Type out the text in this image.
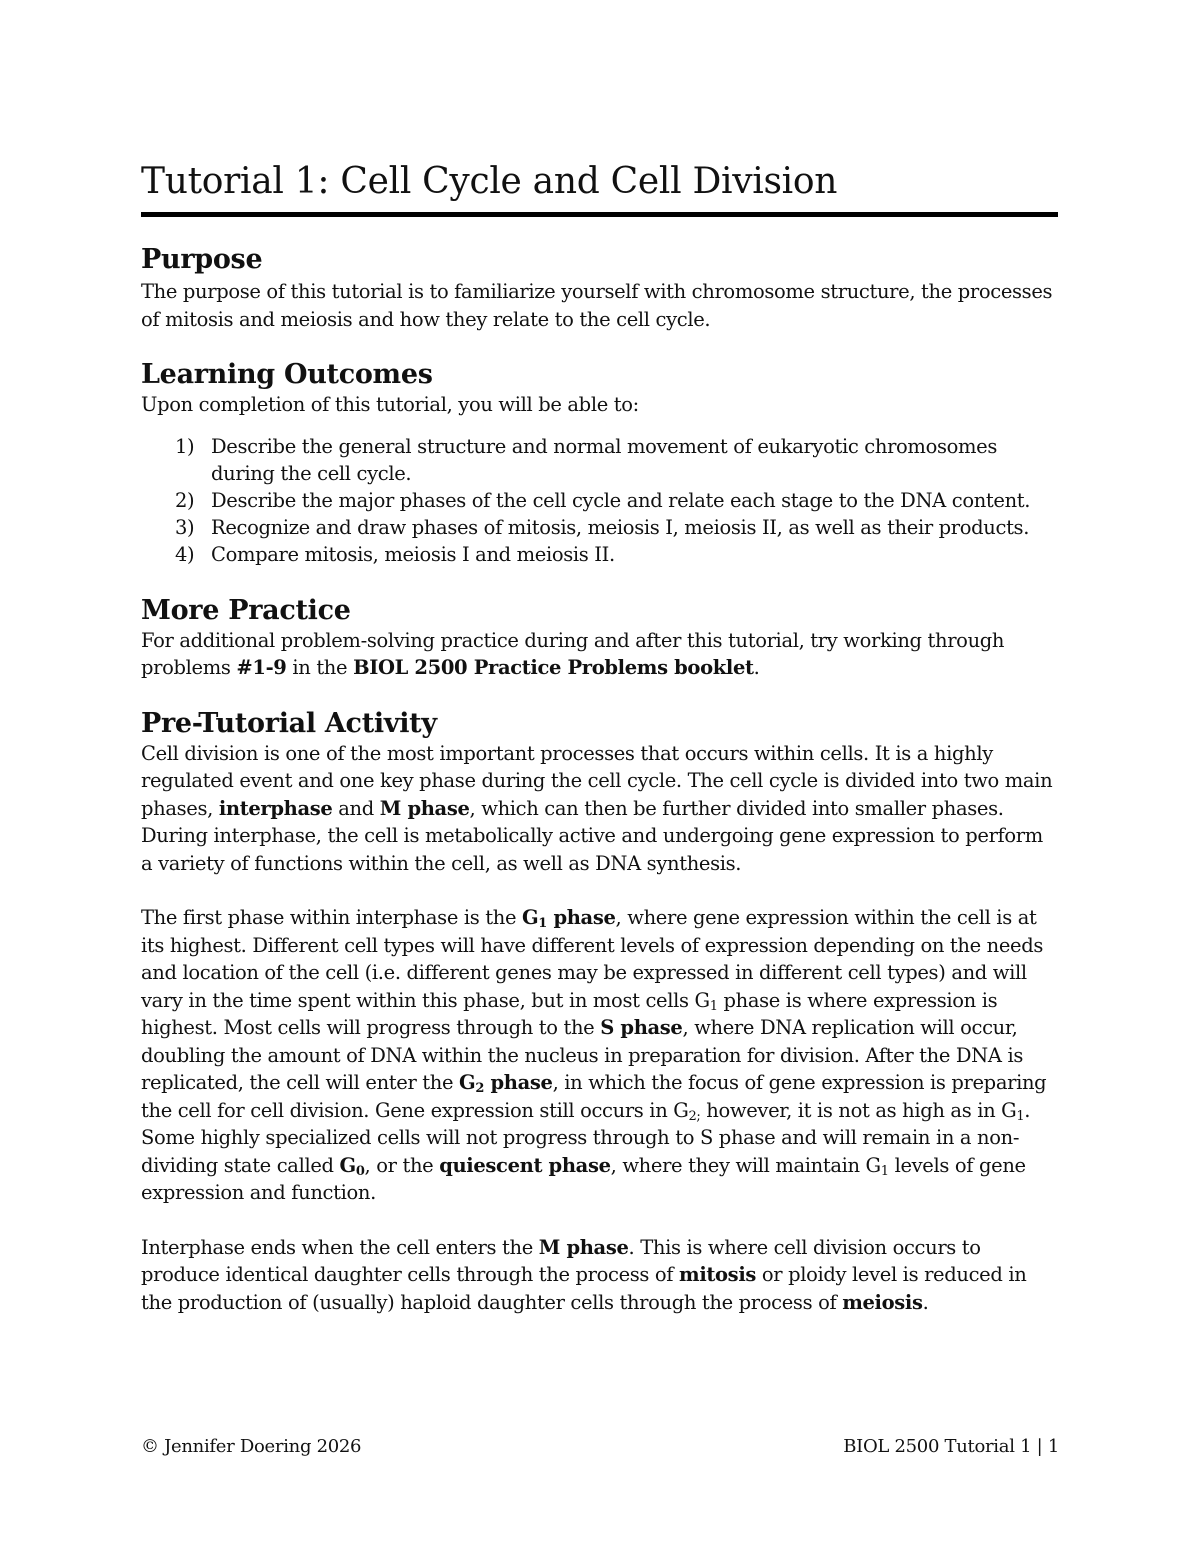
Tutorial 1: Cell Cycle and Cell Division
Purpose

The purpose of this tutorial is to familiarize yourself with chromosome structure, the processes of mitosis and meiosis and how they relate to the cell cycle.

Learning Outcomes

Upon completion of this tutorial, you will be able to:

1) Describe the general structure and normal movement of eukaryotic chromosomes during the cell cycle.
2) Describe the major phases of the cell cycle and relate each stage to the DNA content.
3) Recognize and draw phases of mitosis, meiosis I, meiosis II, as well as their products.
4) Compare mitosis, meiosis I and meiosis II.
More Practice

For additional problem-solving practice during and after this tutorial, try working through problems #1-9 in the BIOL 2500 Practice Problems booklet.

Pre-Tutorial Activity

Cell division is one of the most important processes that occurs within cells. It is a highly regulated event and one key phase during the cell cycle. The cell cycle is divided into two main phases, interphase and M phase, which can then be further divided into smaller phases. During interphase, the cell is metabolically active and undergoing gene expression to perform a variety of functions within the cell, as well as DNA synthesis.

The first phase within interphase is the $G_1$ phase, where gene expression within the cell is at its highest. Different cell types will have different levels of expression depending on the needs and location of the cell (i.e. different genes may be expressed in different cell types) and will vary in the time spent within this phase, but in most cells $G_1$ phase is where expression is highest. Most cells will progress through to the S phase, where DNA replication will occur, doubling the amount of DNA within the nucleus in preparation for division. After the DNA is replicated, the cell will enter the $G_2$ phase, in which the focus of gene expression is preparing the cell for cell division. Gene expression still occurs in $G_{2;}$ however, it is not as high as in $G_1$. Some highly specialized cells will not progress through to S phase and will remain in a non-dividing state called $G_0$, or the quiescent phase, where they will maintain $G_1$ levels of gene expression and function.

Interphase ends when the cell enters the M phase. This is where cell division occurs to produce identical daughter cells through the process of mitosis or ploidy level is reduced in the production of (usually) haploid daughter cells through the process of meiosis.

© Jennifer Doering 2026	BIOL 2500 Tutorial 1 | 1
